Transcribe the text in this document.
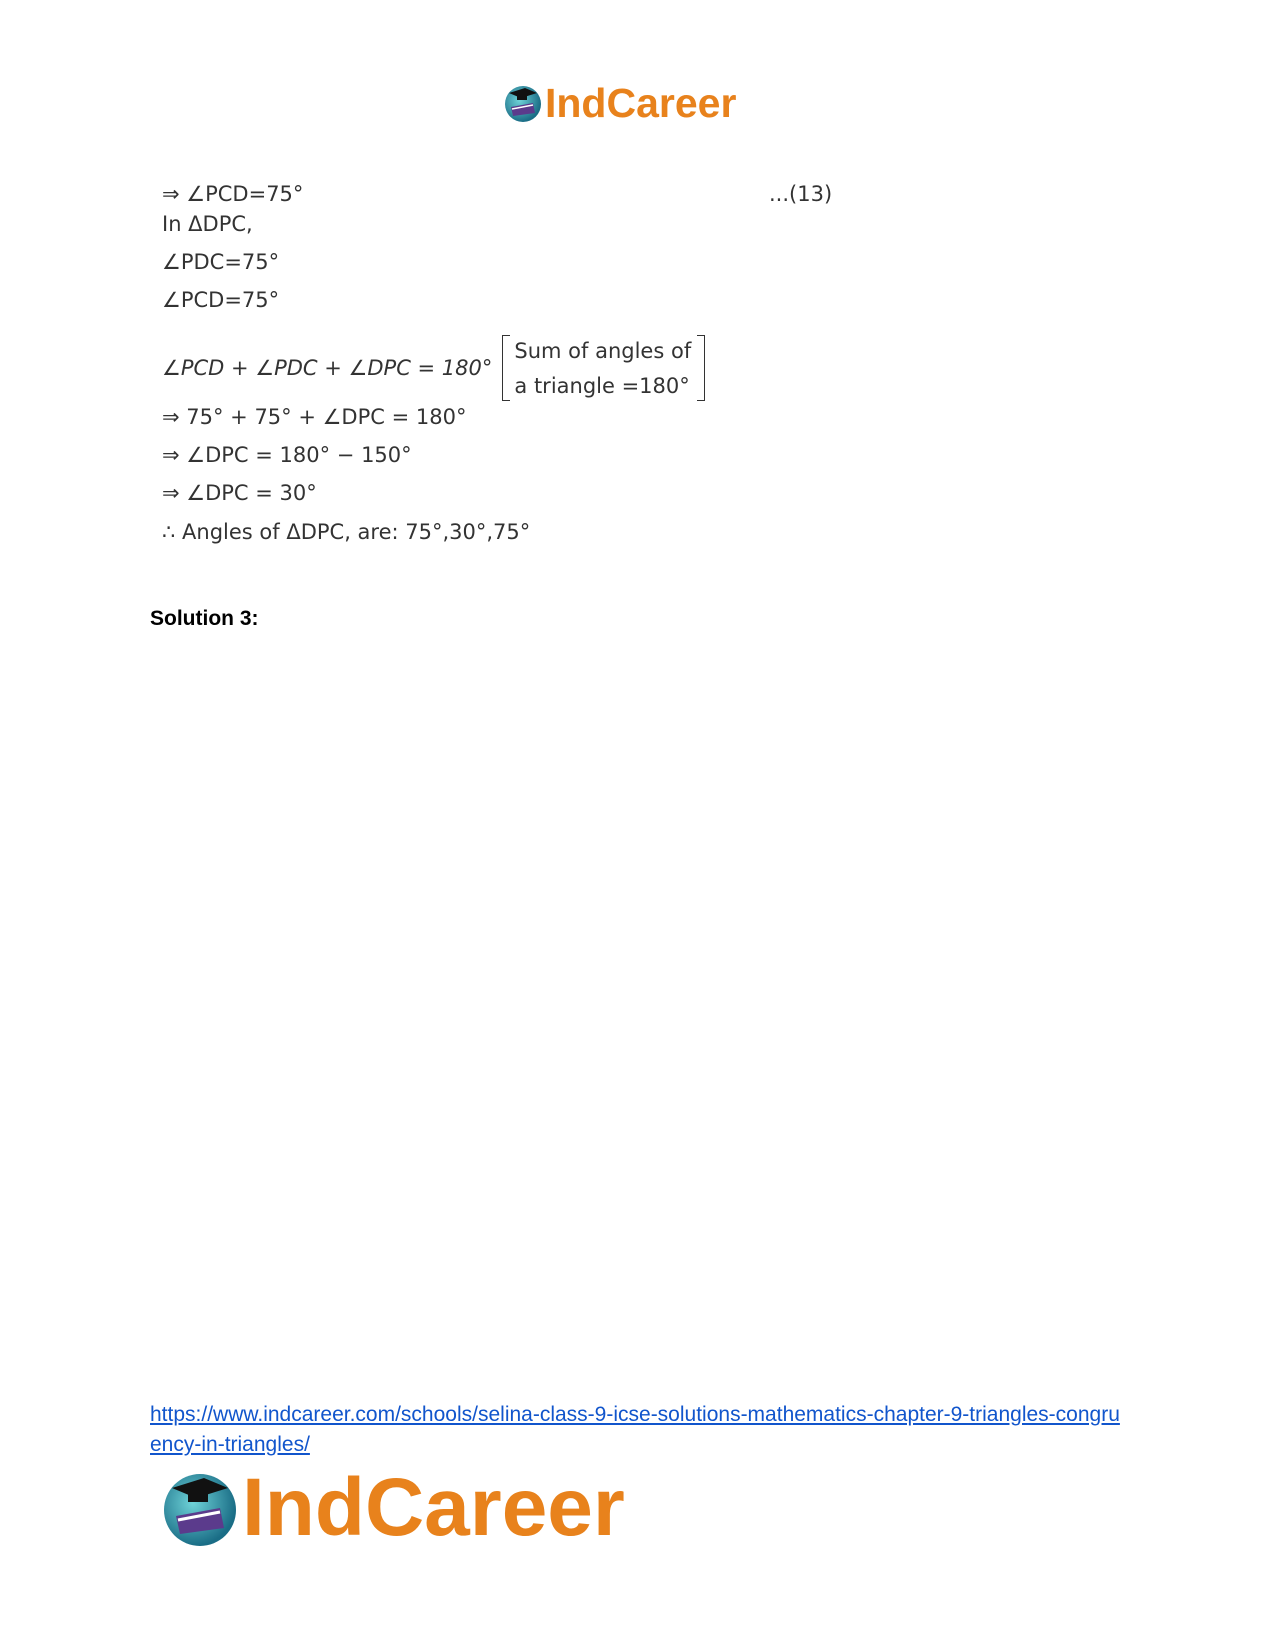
IndCareer
⇒ ∠PCD=75°	...(13)
In ΔDPC,
∠PDC=75°
∠PCD=75°
∠PCD + ∠PDC + ∠DPC = 180°
Sum of angles of
a triangle =180°
⇒ 75° + 75° + ∠DPC = 180°
⇒ ∠DPC = 180° − 150°
⇒ ∠DPC = 30°
∴ Angles of ΔDPC, are: 75°,30°,75°
Solution 3:
https://www.indcareer.com/schools/selina-class-9-icse-solutions-mathematics-chapter-9-triangles-congruency-in-triangles/
IndCareer
